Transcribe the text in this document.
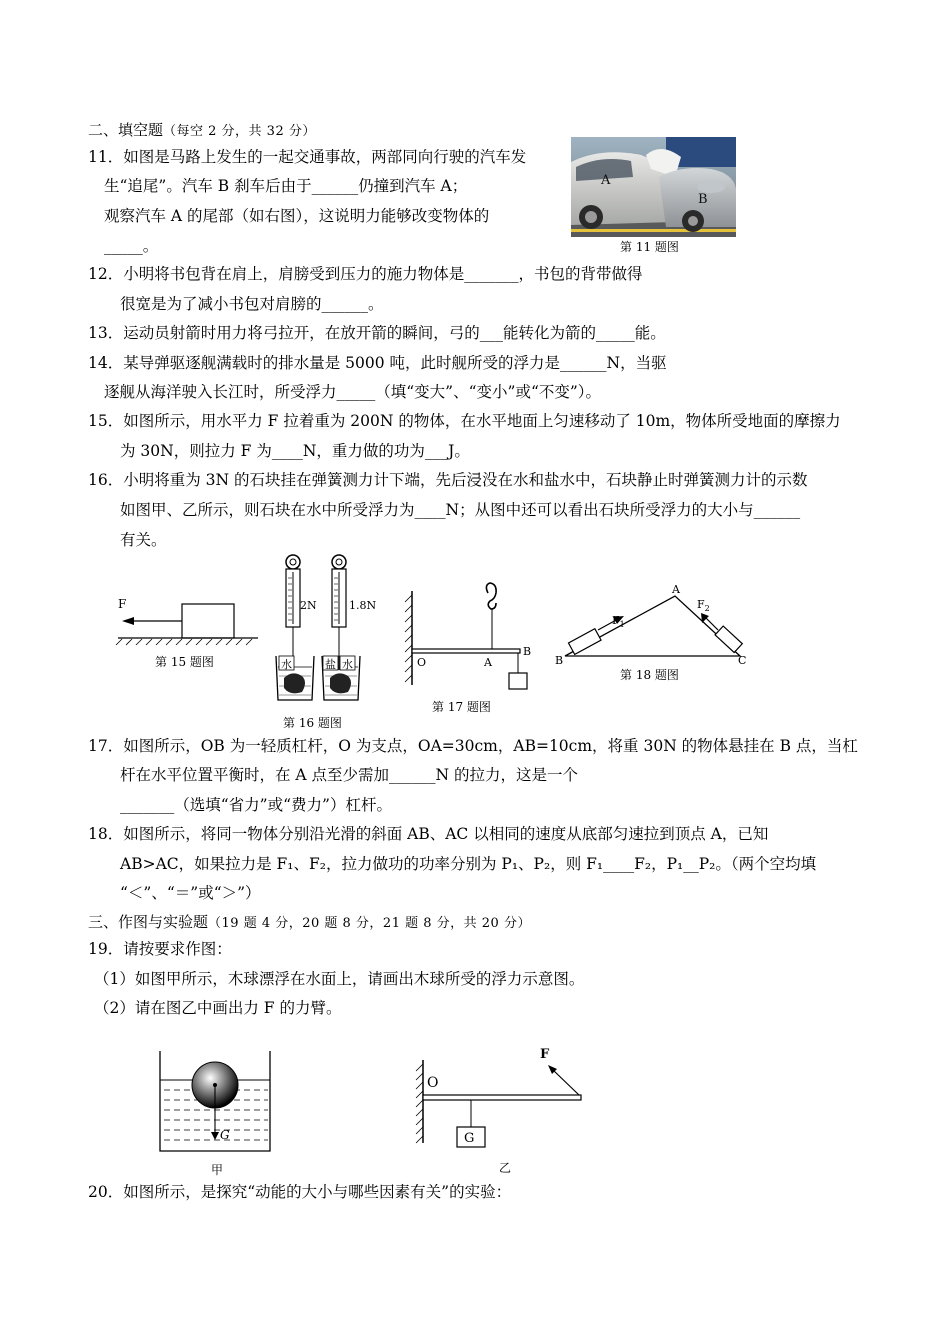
二、填空题（每空 2 分，共 32 分）
11．如图是马路上发生的一起交通事故，两部同向行驶的汽车发
生“追尾”。汽车 B 刹车后由于______仍撞到汽车 A；
观察汽车 A 的尾部（如右图），这说明力能够改变物体的
_____。
A
B
第 11 题图
12．小明将书包背在肩上，肩膀受到压力的施力物体是_______，书包的背带做得
很宽是为了减小书包对肩膀的______。
13．运动员射箭时用力将弓拉开，在放开箭的瞬间，弓的___能转化为箭的_____能。
14．某导弹驱逐舰满载时的排水量是 5000 吨，此时舰所受的浮力是______N，当驱
逐舰从海洋驶入长江时，所受浮力_____（填“变大”、“变小”或“不变”）。
15．如图所示，用水平力 F 拉着重为 200N 的物体，在水平地面上匀速移动了 10m，物体所受地面的摩擦力
为 30N，则拉力 F 为____N，重力做的功为___J。
16．小明将重为 3N 的石块挂在弹簧测力计下端，先后浸没在水和盐水中，石块静止时弹簧测力计的示数
如图甲、乙所示，则石块在水中所受浮力为____N；从图中还可以看出石块所受浮力的大小与______
有关。
F
第 15 题图
2N
水
1.8N
盐 水
第 16 题图
O	A
B
第 17 题图
A
B	C
$F_1$
$F_2$
第 18 题图
17．如图所示，OB 为一轻质杠杆，O 为支点，OA=30cm，AB=10cm，将重 30N 的物体悬挂在 B 点，当杠
杆在水平位置平衡时，在 A 点至少需加______N 的拉力，这是一个
_______（选填“省力”或“费力”）杠杆。
18．如图所示，将同一物体分别沿光滑的斜面 AB、AC 以相同的速度从底部匀速拉到顶点 A，已知
AB>AC，如果拉力是 F₁、F₂，拉力做功的功率分别为 P₁、P₂，则 F₁____F₂，P₁__P₂。（两个空均填
“＜”、“＝”或“＞”）
三、作图与实验题（19 题 4 分，20 题 8 分，21 题 8 分，共 20 分）
19．请按要求作图：
（1）如图甲所示，木球漂浮在水面上，请画出木球所受的浮力示意图。
（2）请在图乙中画出力 F 的力臂。
G
甲
G
F
O
乙
20．如图所示，是探究“动能的大小与哪些因素有关”的实验：
